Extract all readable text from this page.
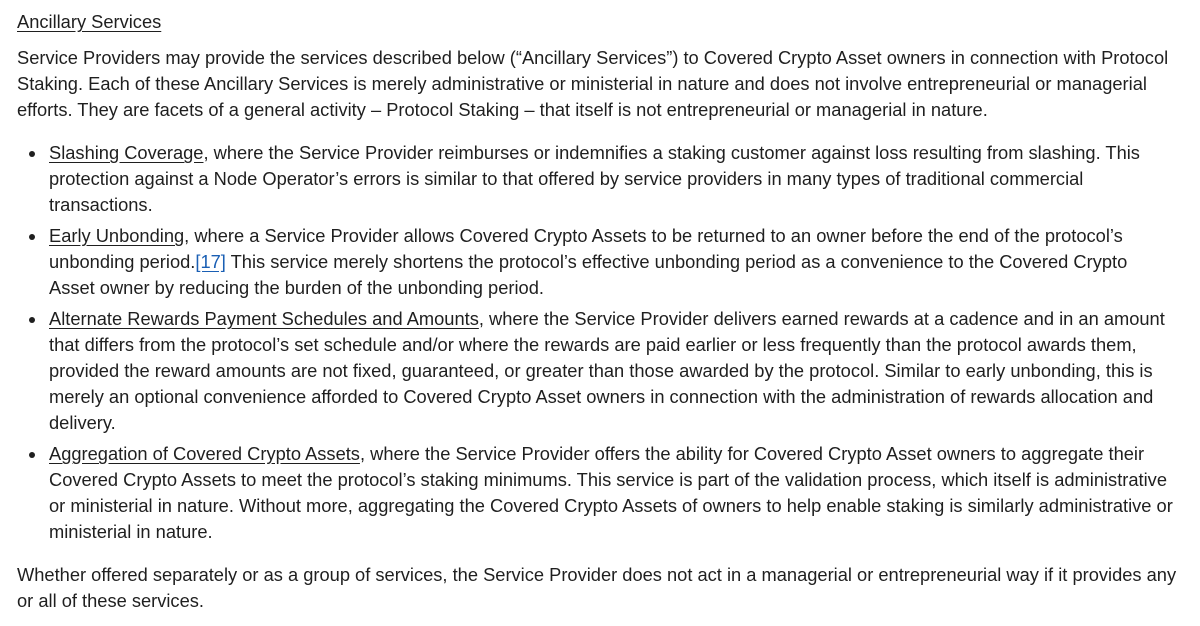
Ancillary Services

Service Providers may provide the services described below (“Ancillary Services”) to Covered Crypto Asset owners in connection with Protocol Staking. Each of these Ancillary Services is merely administrative or ministerial in nature and does not involve entrepreneurial or managerial efforts. They are facets of a general activity – Protocol Staking – that itself is not entrepreneurial or managerial in nature.

Slashing Coverage, where the Service Provider reimburses or indemnifies a staking customer against loss resulting from slashing. This protection against a Node Operator’s errors is similar to that offered by service providers in many types of traditional commercial transactions.
Early Unbonding, where a Service Provider allows Covered Crypto Assets to be returned to an owner before the end of the protocol’s unbonding period.[17] This service merely shortens the protocol’s effective unbonding period as a convenience to the Covered Crypto Asset owner by reducing the burden of the unbonding period.
Alternate Rewards Payment Schedules and Amounts, where the Service Provider delivers earned rewards at a cadence and in an amount that differs from the protocol’s set schedule and/or where the rewards are paid earlier or less frequently than the protocol awards them, provided the reward amounts are not fixed, guaranteed, or greater than those awarded by the protocol. Similar to early unbonding, this is merely an optional convenience afforded to Covered Crypto Asset owners in connection with the administration of rewards allocation and delivery.
Aggregation of Covered Crypto Assets, where the Service Provider offers the ability for Covered Crypto Asset owners to aggregate their Covered Crypto Assets to meet the protocol’s staking minimums. This service is part of the validation process, which itself is administrative or ministerial in nature. Without more, aggregating the Covered Crypto Assets of owners to help enable staking is similarly administrative or ministerial in nature.

Whether offered separately or as a group of services, the Service Provider does not act in a managerial or entrepreneurial way if it provides any or all of these services.
